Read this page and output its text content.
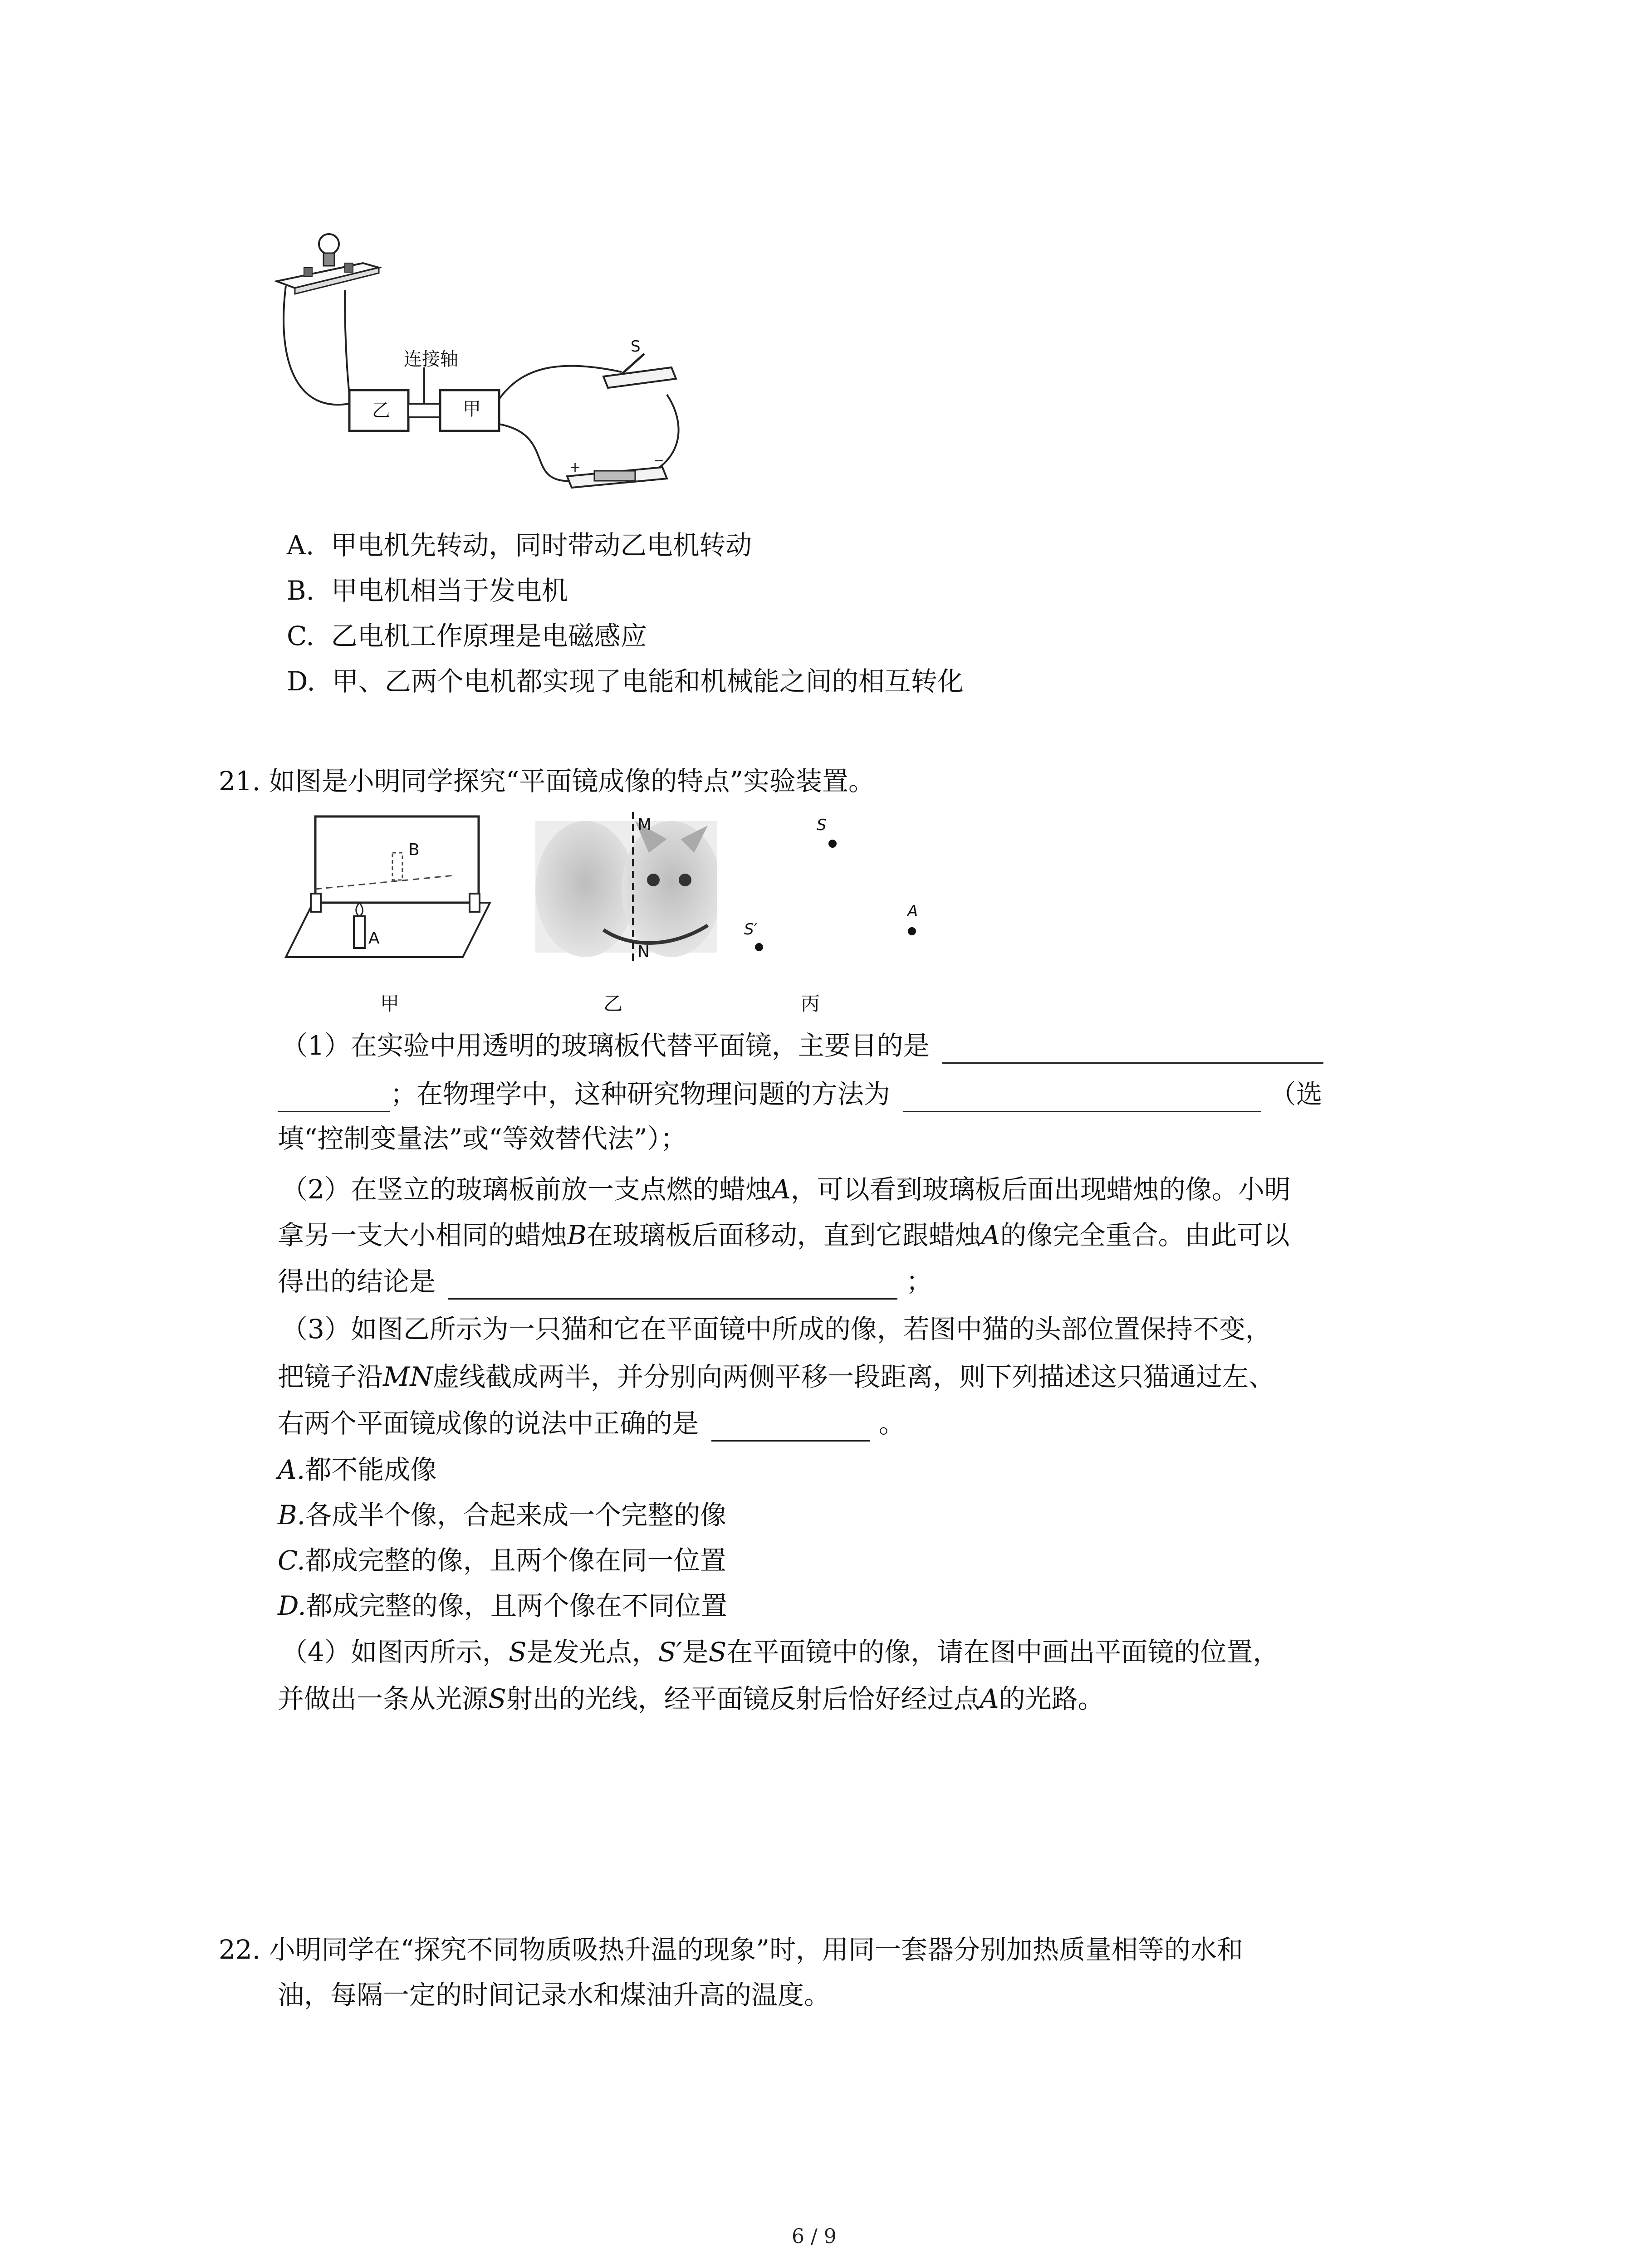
乙
连接轴
甲
S
+	−
A. 甲电机先转动，同时带动乙电机转动
B. 甲电机相当于发电机
C. 乙电机工作原理是电磁感应
D. 甲、乙两个电机都实现了电能和机械能之间的相互转化
21. 如图是小明同学探究“平面镜成像的特点”实验装置。
B
A
M
N
S
A
S′
甲	乙	丙
（1）在实验中用透明的玻璃板代替平面镜，主要目的是
；在物理学中，这种研究物理问题的方法为	（选
填“控制变量法”或“等效替代法”）；
（2）在竖立的玻璃板前放一支点燃的蜡烛A，可以看到玻璃板后面出现蜡烛的像。小明
拿另一支大小相同的蜡烛B在玻璃板后面移动，直到它跟蜡烛A的像完全重合。由此可以
得出的结论是	；
（3）如图乙所示为一只猫和它在平面镜中所成的像，若图中猫的头部位置保持不变，
把镜子沿MN虚线截成两半，并分别向两侧平移一段距离，则下列描述这只猫通过左、
右两个平面镜成像的说法中正确的是	。
A.都不能成像
B.各成半个像，合起来成一个完整的像
C.都成完整的像，且两个像在同一位置
D.都成完整的像，且两个像在不同位置
（4）如图丙所示，S是发光点，S′是S在平面镜中的像，请在图中画出平面镜的位置，
并做出一条从光源S射出的光线，经平面镜反射后恰好经过点A的光路。
22. 小明同学在“探究不同物质吸热升温的现象”时，用同一套器分别加热质量相等的水和
油，每隔一定的时间记录水和煤油升高的温度。
6 / 9
